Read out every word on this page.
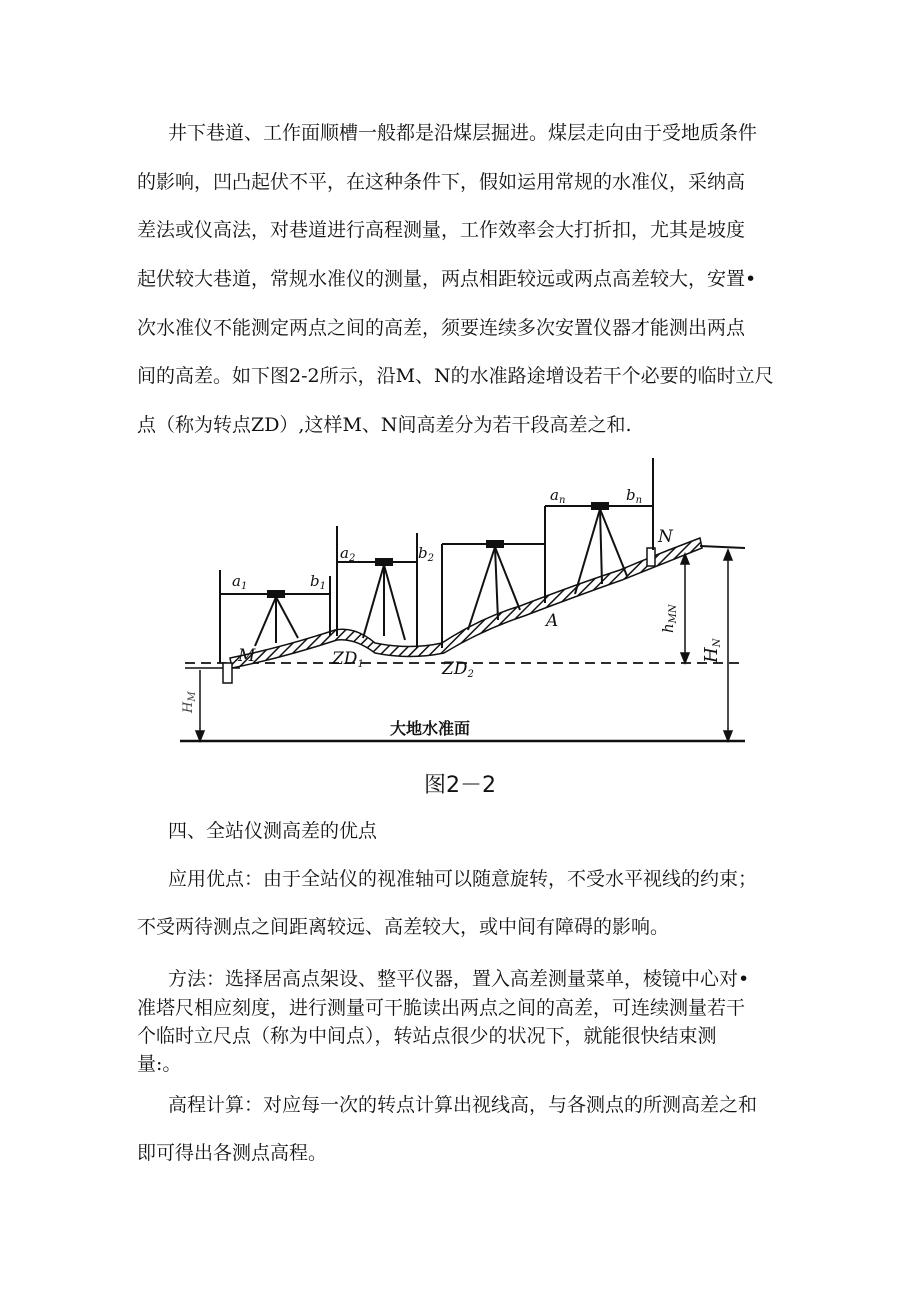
井下巷道、工作面顺槽一般都是沿煤层掘进。煤层走向由于受地质条件
的影响，凹凸起伏不平，在这种条件下，假如运用常规的水准仪，采纳高
差法或仪高法，对巷道进行高程测量，工作效率会大打折扣，尤其是坡度
起伏较大巷道，常规水准仪的测量，两点相距较远或两点高差较大，安置•
次水准仪不能测定两点之间的高差，须要连续多次安置仪器才能测出两点
间的高差。如下图2-2所示，沿M、N的水准路途增设若干个必要的临时立尺
点（称为转点ZD）,这样M、N间高差分为若干段高差之和.
$a_1$	$b_1$
$a_2$	$b_2$
$a_n$	$b_n$
M
N
A
ZD1	ZD2
$h_{MN}$
HN
$H_M$
大地水准面
图2－2
四、全站仪测高差的优点
应用优点：由于全站仪的视准轴可以随意旋转，不受水平视线的约束；
不受两待测点之间距离较远、高差较大，或中间有障碍的影响。
方法：选择居高点架设、整平仪器，置入高差测量菜单，棱镜中心对•
准塔尺相应刻度，进行测量可干脆读出两点之间的高差，可连续测量若干
个临时立尺点（称为中间点），转站点很少的状况下，就能很快结束测
量:。
高程计算：对应每一次的转点计算出视线高，与各测点的所测高差之和
即可得出各测点高程。
